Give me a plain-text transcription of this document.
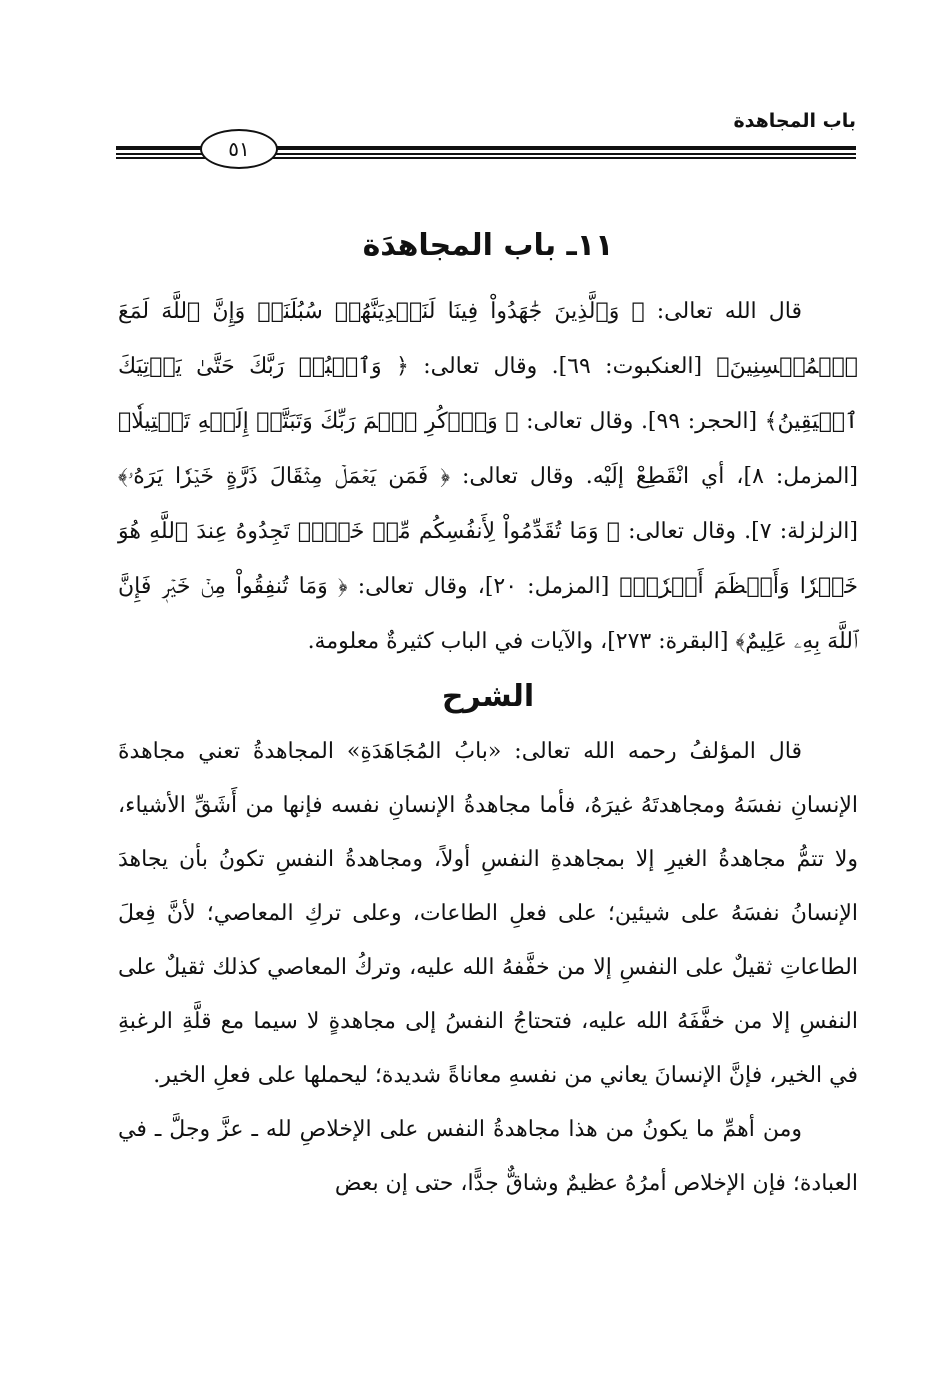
باب المجاهدة
٥١
١١ـ باب المجاهدَة

قال الله تعالى: ﴿ وَٱلَّذِينَ جَٰهَدُواْ فِينَا لَنَهۡدِيَنَّهُمۡ سُبُلَنَاۚ وَإِنَّ ٱللَّهَ لَمَعَ ٱلۡمُحۡسِنِينَ﴾ [العنكبوت: ٦٩]. وقال تعالى: ﴿ وَٱعۡبُدۡ رَبَّكَ حَتَّىٰ يَأۡتِيَكَ ٱلۡيَقِينُ﴾ [الحجر: ٩٩]. وقال تعالى: ﴿ وَٱذۡكُرِ ٱسۡمَ رَبِّكَ وَتَبَتَّلۡ إِلَيۡهِ تَبۡتِيلٗا﴾ [المزمل: ٨]، أي انْقَطِعْ إلَيْه. وقال تعالى: ﴿ فَمَن يَعۡمَلۡ مِثۡقَالَ ذَرَّةٍ خَيۡرٗا يَرَهُۥ﴾ [الزلزلة: ٧]. وقال تعالى: ﴿ وَمَا تُقَدِّمُواْ لِأَنفُسِكُم مِّنۡ خَيۡرٖ تَجِدُوهُ عِندَ ٱللَّهِ هُوَ خَيۡرٗا وَأَعۡظَمَ أَجۡرٗاۚ﴾ [المزمل: ٢٠]، وقال تعالى: ﴿ وَمَا تُنفِقُواْ مِنۡ خَيۡرٖ فَإِنَّ ٱللَّهَ بِهِۦ عَلِيمٌ﴾ [البقرة: ٢٧٣]، والآيات في الباب كثيرةٌ معلومة.

الشرح

قال المؤلفُ رحمه الله تعالى: «بابُ المُجَاهَدَةِ» المجاهدةُ تعني مجاهدةَ الإنسانِ نفسَهُ ومجاهدتَهُ غيرَهُ، فأما مجاهدةُ الإنسانِ نفسه فإنها من أَشَقِّ الأشياء، ولا تتمُّ مجاهدةُ الغيرِ إلا بمجاهدةِ النفسِ أولاً، ومجاهدةُ النفسِ تكونُ بأن يجاهدَ الإنسانُ نفسَهُ على شيئين؛ على فعلِ الطاعات، وعلى تركِ المعاصي؛ لأنَّ فِعلَ الطاعاتِ ثقيلٌ على النفسِ إلا من خفَّفهُ الله عليه، وتركُ المعاصي كذلك ثقيلٌ على النفسِ إلا من خفَّفَهُ الله عليه، فتحتاجُ النفسُ إلى مجاهدةٍ لا سيما مع قلَّةِ الرغبةِ في الخير، فإنَّ الإنسانَ يعاني من نفسهِ معاناةً شديدة؛ ليحملها على فعلِ الخير.

ومن أهمِّ ما يكونُ من هذا مجاهدةُ النفس على الإخلاصِ لله ـ عزَّ وجلَّ ـ في العبادة؛ فإن الإخلاص أمرُهُ عظيمٌ وشاقٌّ جدًّا، حتى إن بعض
